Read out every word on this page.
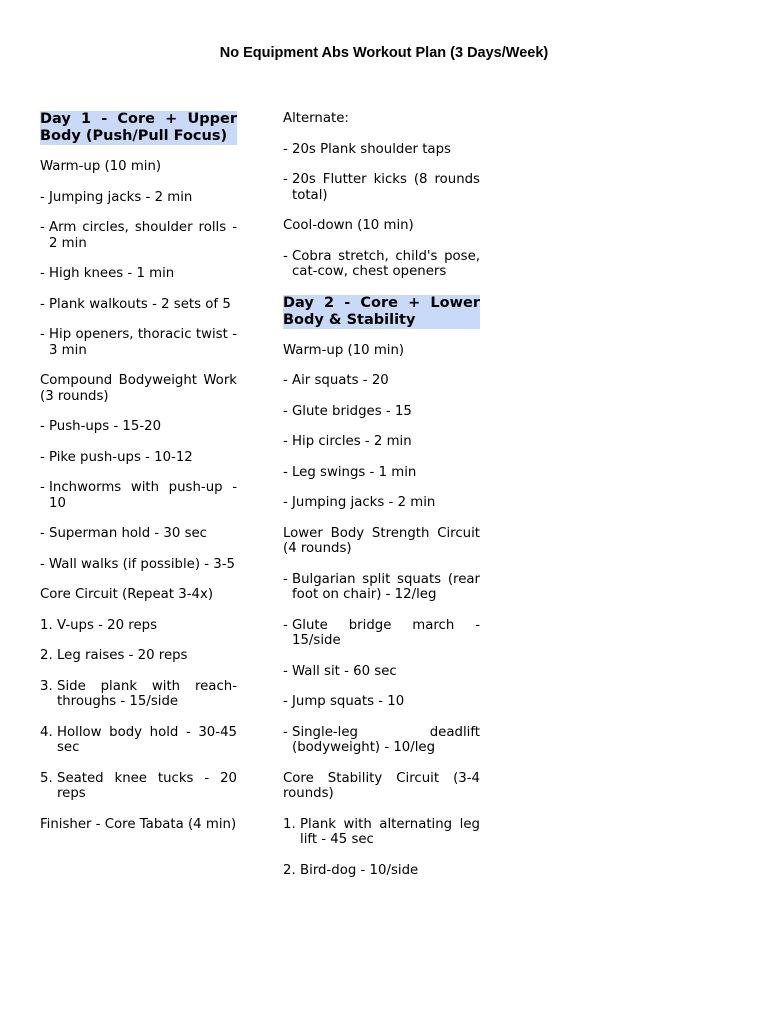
No Equipment Abs Workout Plan (3 Days/Week)
Day 1 - Core + Upper Body (Push/Pull Focus)
Warm-up (10 min)
- Jumping jacks - 2 min
- Arm circles, shoulder rolls - 2 min
- High knees - 1 min
- Plank walkouts - 2 sets of 5
- Hip openers, thoracic twist - 3 min
Compound Bodyweight Work (3 rounds)
- Push-ups - 15-20
- Pike push-ups - 10-12
- Inchworms with push-up - 10
- Superman hold - 30 sec
- Wall walks (if possible) - 3-5
Core Circuit (Repeat 3-4x)
1. V-ups - 20 reps
2. Leg raises - 20 reps
3. Side plank with reach-throughs - 15/side
4. Hollow body hold - 30-45 sec
5. Seated knee tucks - 20 reps
Finisher - Core Tabata (4 min)
Alternate:
- 20s Plank shoulder taps
- 20s Flutter kicks (8 rounds total)
Cool-down (10 min)
- Cobra stretch, child's pose, cat-cow, chest openers
Day 2 - Core + Lower Body & Stability
Warm-up (10 min)
- Air squats - 20
- Glute bridges - 15
- Hip circles - 2 min
- Leg swings - 1 min
- Jumping jacks - 2 min
Lower Body Strength Circuit (4 rounds)
- Bulgarian split squats (rear foot on chair) - 12/leg
- Glute bridge march - 15/side
- Wall sit - 60 sec
- Jump squats - 10
- Single-leg deadlift (bodyweight) - 10/leg
Core Stability Circuit (3-4 rounds)
1. Plank with alternating leg lift - 45 sec
2. Bird-dog - 10/side
